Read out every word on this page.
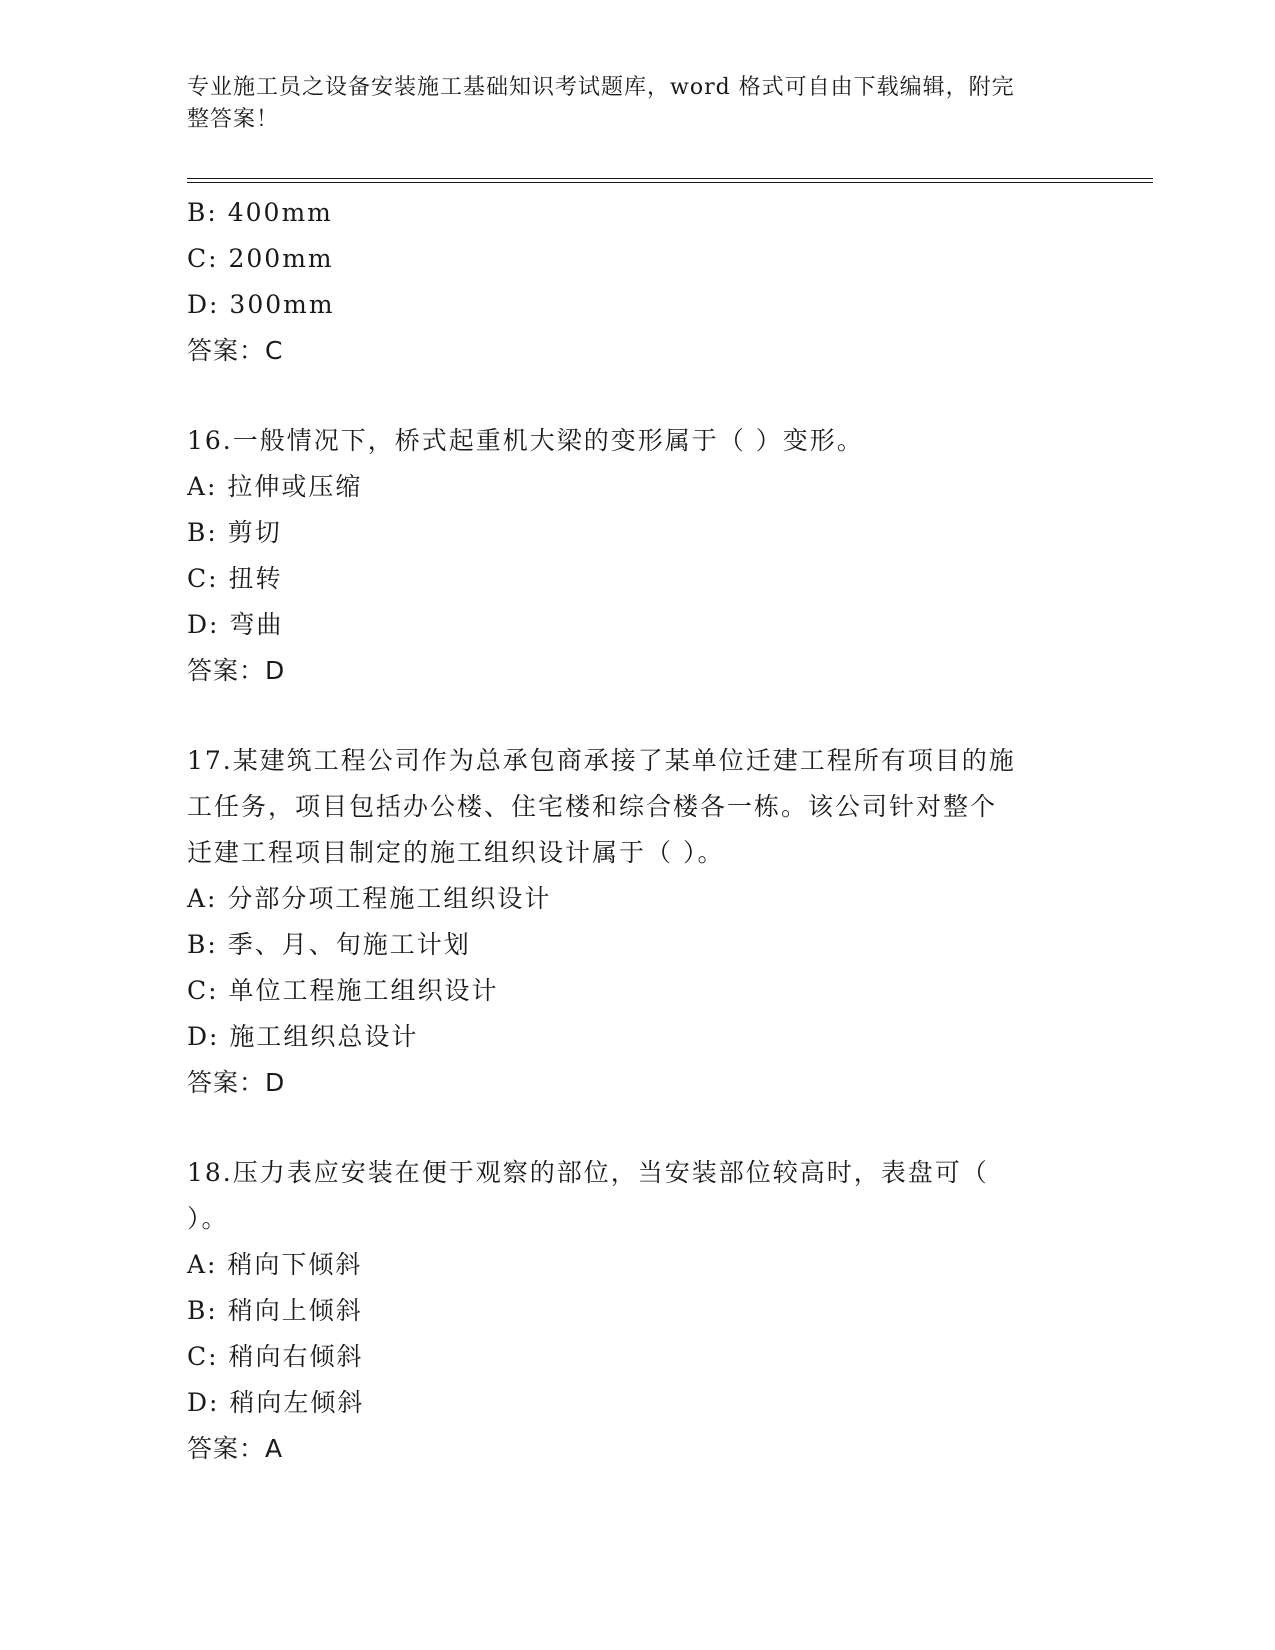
专业施工员之设备安装施工基础知识考试题库，word 格式可自由下载编辑，附完
整答案！
B: 400mm
C: 200mm
D: 300mm
答案：C
16.一般情况下，桥式起重机大梁的变形属于（ ）变形。
A: 拉伸或压缩
B: 剪切
C: 扭转
D: 弯曲
答案：D
17.某建筑工程公司作为总承包商承接了某单位迁建工程所有项目的施
工任务，项目包括办公楼、住宅楼和综合楼各一栋。该公司针对整个
迁建工程项目制定的施工组织设计属于（ ）。
A: 分部分项工程施工组织设计
B: 季、月、旬施工计划
C: 单位工程施工组织设计
D: 施工组织总设计
答案：D
18.压力表应安装在便于观察的部位，当安装部位较高时，表盘可（
）。
A: 稍向下倾斜
B: 稍向上倾斜
C: 稍向右倾斜
D: 稍向左倾斜
答案：A
